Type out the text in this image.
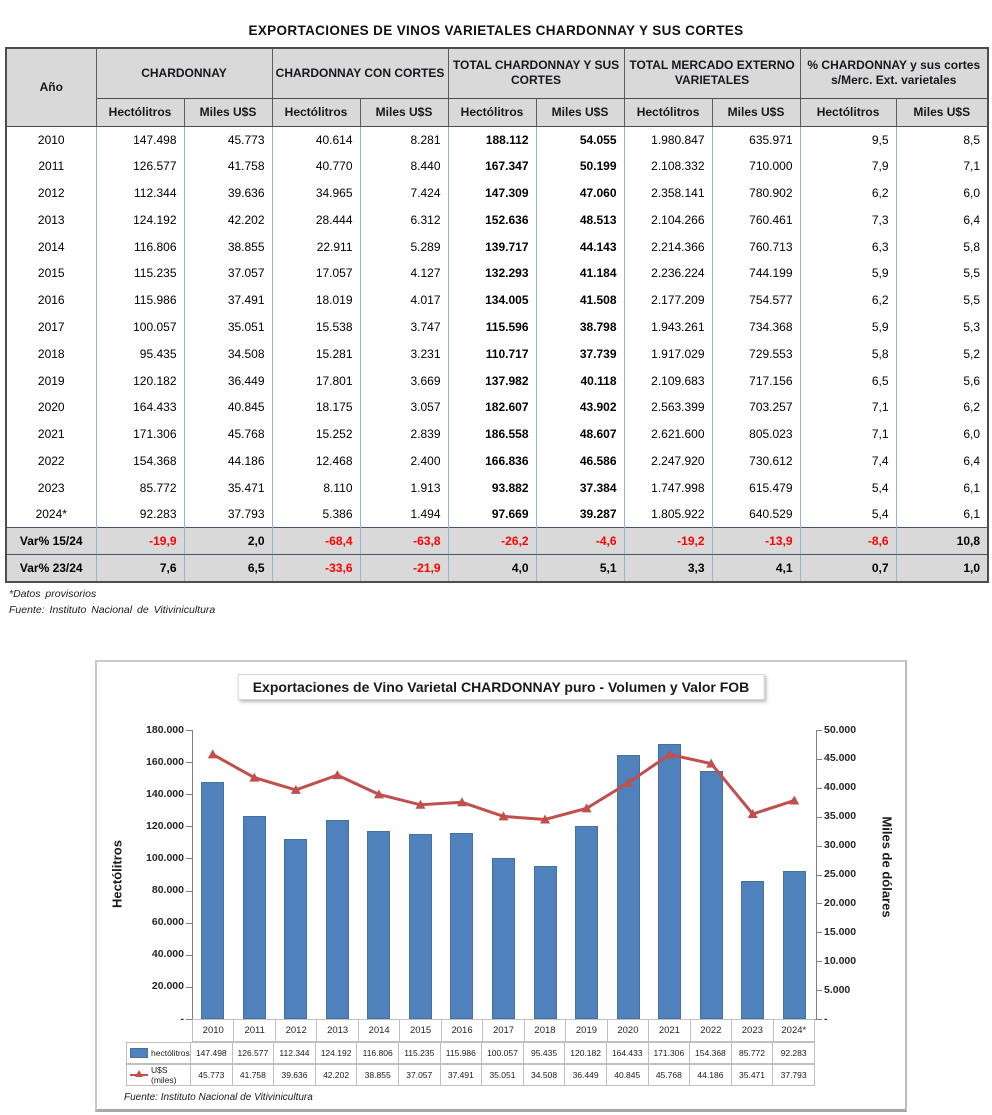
EXPORTACIONES DE VINOS VARIETALES CHARDONNAY Y SUS CORTES
Año	CHARDONNAY		CHARDONNAY CON CORTES		TOTAL CHARDONNAY Y SUS CORTES		TOTAL MERCADO EXTERNO VARIETALES		% CHARDONNAY y sus cortes s/Merc. Ext. varietales	
	Hectólitros	Miles U$S	Hectólitros	Miles U$S	Hectólitros	Miles U$S	Hectólitros	Miles U$S	Hectólitros	Miles U$S
2010	147.498	45.773	40.614	8.281	188.112	54.055	1.980.847	635.971	9,5	8,5
2011	126.577	41.758	40.770	8.440	167.347	50.199	2.108.332	710.000	7,9	7,1
2012	112.344	39.636	34.965	7.424	147.309	47.060	2.358.141	780.902	6,2	6,0
2013	124.192	42.202	28.444	6.312	152.636	48.513	2.104.266	760.461	7,3	6,4
2014	116.806	38.855	22.911	5.289	139.717	44.143	2.214.366	760.713	6,3	5,8
2015	115.235	37.057	17.057	4.127	132.293	41.184	2.236.224	744.199	5,9	5,5
2016	115.986	37.491	18.019	4.017	134.005	41.508	2.177.209	754.577	6,2	5,5
2017	100.057	35.051	15.538	3.747	115.596	38.798	1.943.261	734.368	5,9	5,3
2018	95.435	34.508	15.281	3.231	110.717	37.739	1.917.029	729.553	5,8	5,2
2019	120.182	36.449	17.801	3.669	137.982	40.118	2.109.683	717.156	6,5	5,6
2020	164.433	40.845	18.175	3.057	182.607	43.902	2.563.399	703.257	7,1	6,2
2021	171.306	45.768	15.252	2.839	186.558	48.607	2.621.600	805.023	7,1	6,0
2022	154.368	44.186	12.468	2.400	166.836	46.586	2.247.920	730.612	7,4	6,4
2023	85.772	35.471	8.110	1.913	93.882	37.384	1.747.998	615.479	5,4	6,1
2024*	92.283	37.793	5.386	1.494	97.669	39.287	1.805.922	640.529	5,4	6,1
Var% 15/24	-19,9	2,0	-68,4	-63,8	-26,2	-4,6	-19,2	-13,9	-8,6	10,8
Var% 23/24	7,6	6,5	-33,6	-21,9	4,0	5,1	3,3	4,1	0,7	1,0
*Datos provisorios
Fuente: Instituto Nacional de Vitivinicultura
Exportaciones de Vino Varietal CHARDONNAY puro - Volumen y Valor FOB
Hectólitros	Miles de dólares
2010	2011	2012	2013	2014	2015	2016	2017	2018	2019	2020	2021	2022	2023	2024*
hectólitros 147.498	126.577	112.344	124.192	116.806	115.235	115.986	100.057	95.435	120.182	164.433	171.306	154.368	85.772	92.283
U$S (miles)	45.773	41.758	39.636	42.202	38.855	37.057	37.491	35.051	34.508	36.449	40.845	45.768	44.186	35.471	37.793
Fuente: Instituto Nacional de Vitivinicultura
-
20.000
40.000
60.000
80.000
100.000
120.000
140.000
160.000
180.000
-
5.000
10.000
15.000
20.000
25.000
30.000
35.000
40.000
45.000
50.000
